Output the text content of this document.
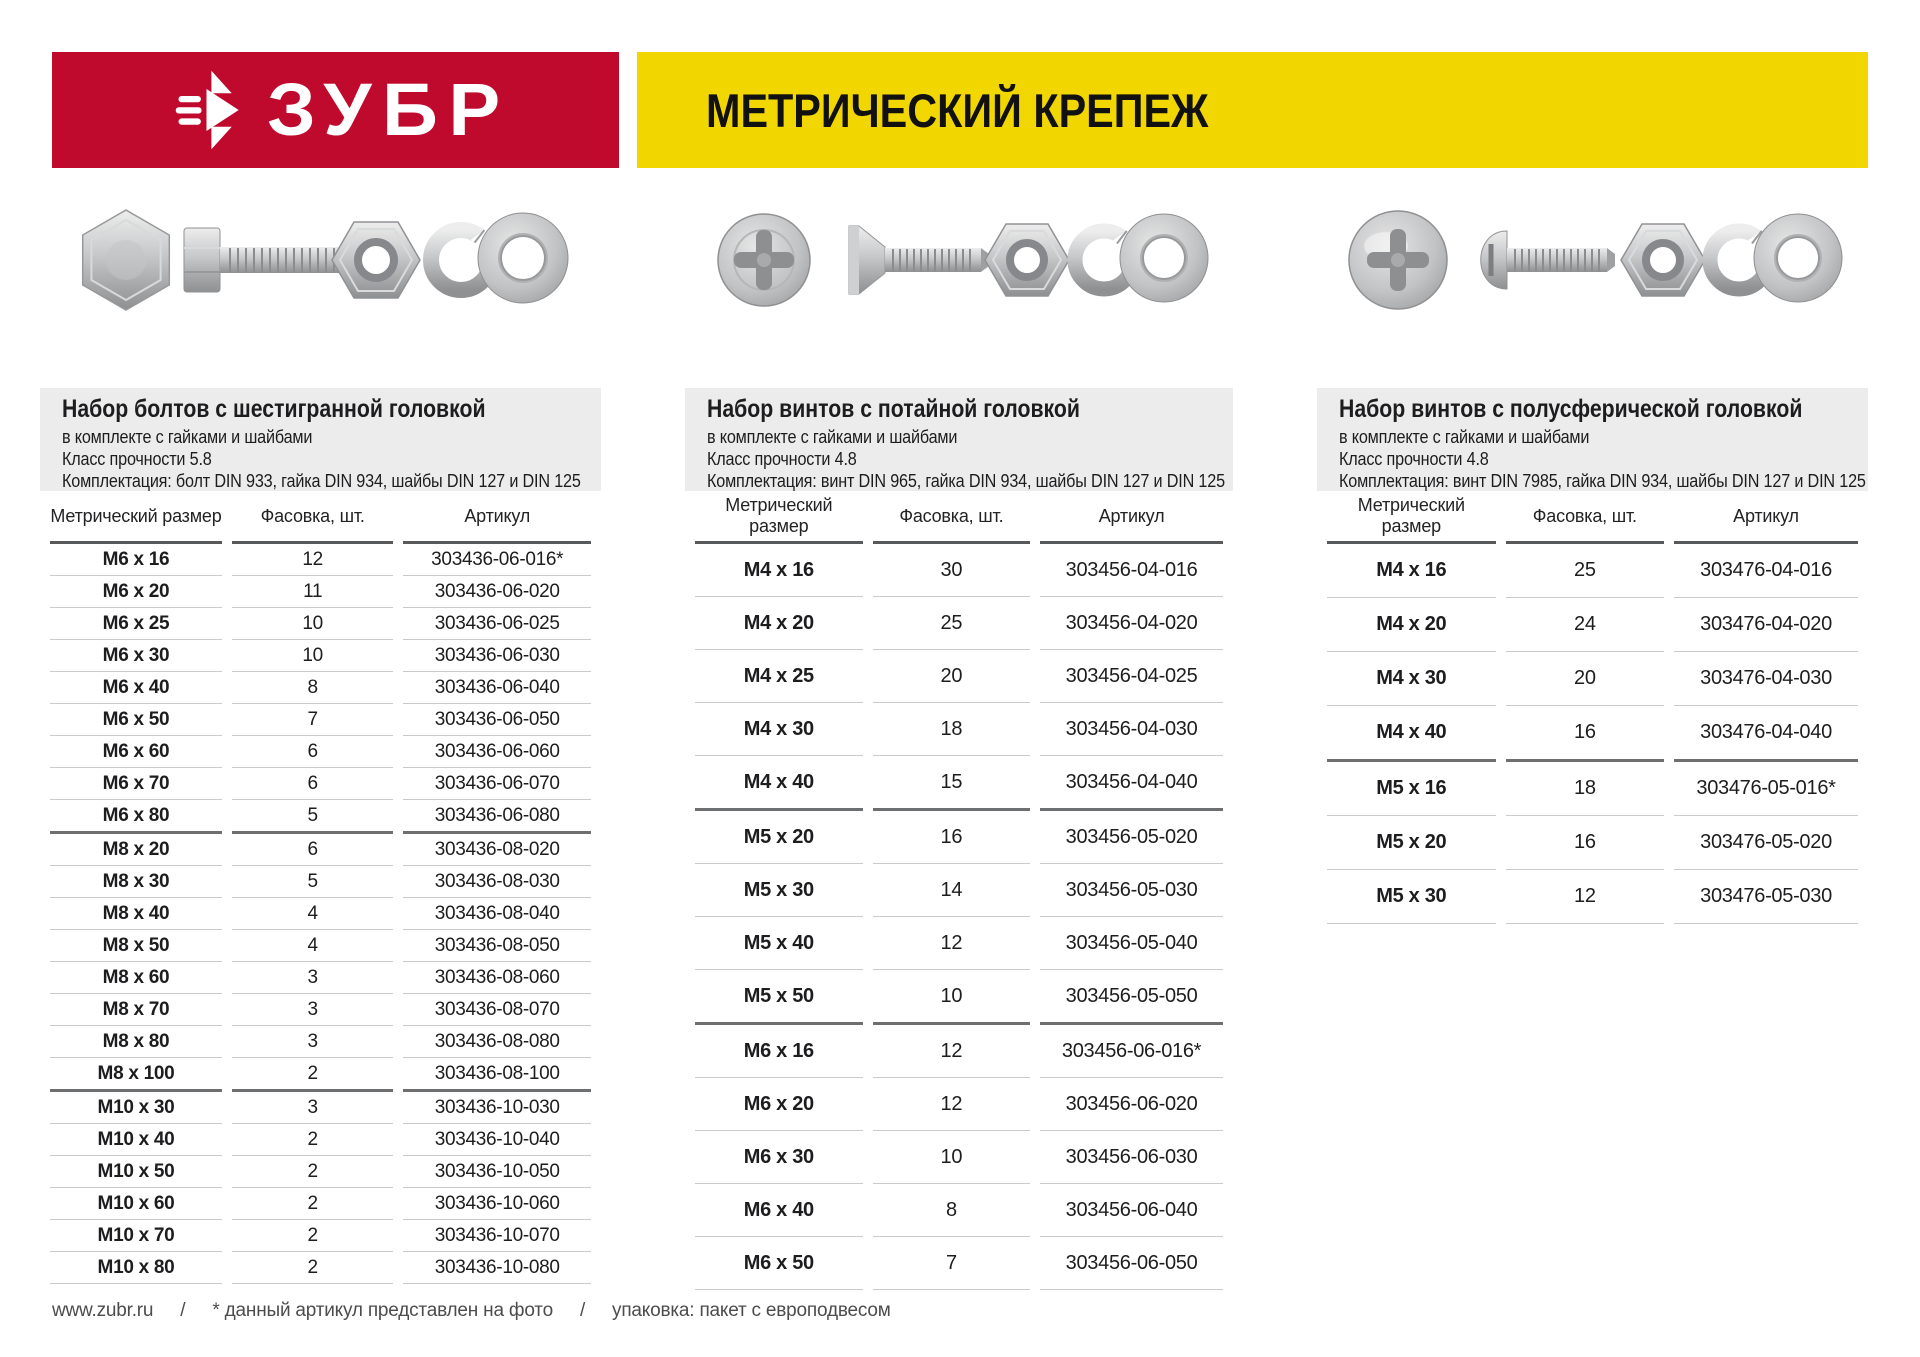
ЗУБР	МЕТРИЧЕСКИЙ КРЕПЕЖ
Набор болтов с шестигранной головкой

в комплекте с гайками и шайбами

Класс прочности 5.8

Комплектация: болт DIN 933, гайка DIN 934, шайбы DIN 127 и DIN 125

Метрический размер	Фасовка, шт.	Артикул
М6 х 16	12	303436-06-016*
М6 х 20	11	303436-06-020
М6 х 25	10	303436-06-025
М6 х 30	10	303436-06-030
М6 х 40	8	303436-06-040
М6 х 50	7	303436-06-050
М6 х 60	6	303436-06-060
М6 х 70	6	303436-06-070
М6 х 80	5	303436-06-080
М8 х 20	6	303436-08-020
М8 х 30	5	303436-08-030
М8 х 40	4	303436-08-040
М8 х 50	4	303436-08-050
М8 х 60	3	303436-08-060
М8 х 70	3	303436-08-070
М8 х 80	3	303436-08-080
М8 х 100	2	303436-08-100
М10 х 30	3	303436-10-030
М10 х 40	2	303436-10-040
М10 х 50	2	303436-10-050
М10 х 60	2	303436-10-060
М10 х 70	2	303436-10-070
М10 х 80	2	303436-10-080
Набор винтов с потайной головкой

в комплекте с гайками и шайбами

Класс прочности 4.8

Комплектация: винт DIN 965, гайка DIN 934, шайбы DIN 127 и DIN 125

Метрический размер	Фасовка, шт.	Артикул
М4 х 16	30	303456-04-016
М4 х 20	25	303456-04-020
М4 х 25	20	303456-04-025
М4 х 30	18	303456-04-030
М4 х 40	15	303456-04-040
М5 х 20	16	303456-05-020
М5 х 30	14	303456-05-030
М5 х 40	12	303456-05-040
М5 х 50	10	303456-05-050
М6 х 16	12	303456-06-016*
М6 х 20	12	303456-06-020
М6 х 30	10	303456-06-030
М6 х 40	8	303456-06-040
М6 х 50	7	303456-06-050
Набор винтов с полусферической головкой

в комплекте с гайками и шайбами

Класс прочности 4.8

Комплектация: винт DIN 7985, гайка DIN 934, шайбы DIN 127 и DIN 125

Метрический размер	Фасовка, шт.	Артикул
М4 х 16	25	303476-04-016
М4 х 20	24	303476-04-020
М4 х 30	20	303476-04-030
М4 х 40	16	303476-04-040
М5 х 16	18	303476-05-016*
М5 х 20	16	303476-05-020
М5 х 30	12	303476-05-030
www.zubr.ru / * данный артикул представлен на фото / упаковка: пакет с европодвесом
